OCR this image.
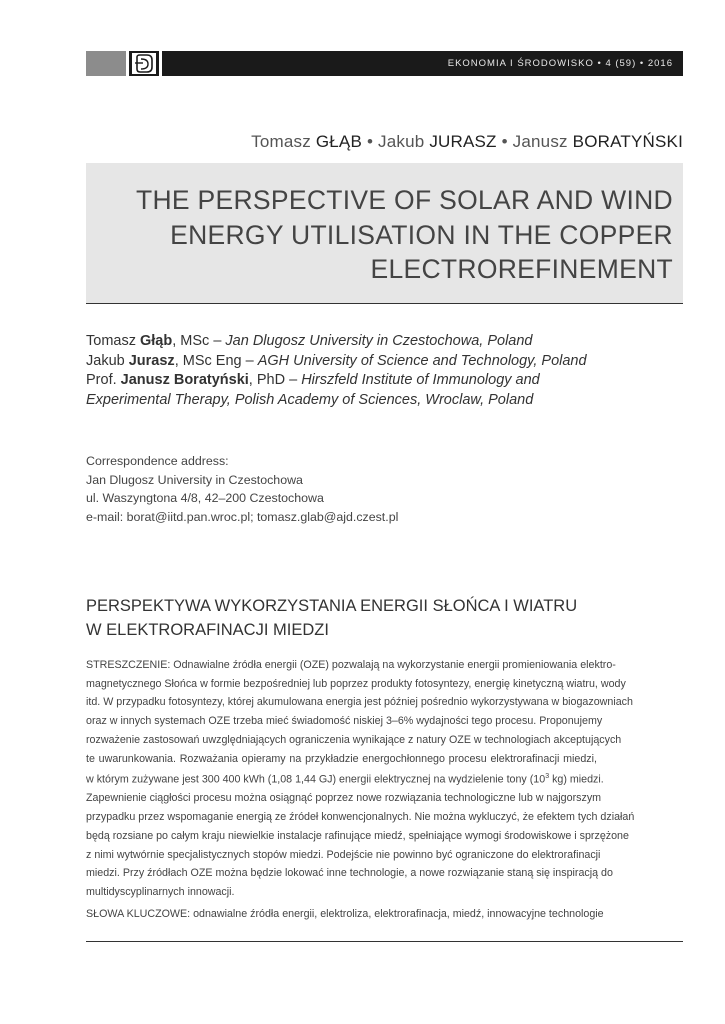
EKONOMIA I ŚRODOWISKO • 4 (59) • 2016
Tomasz GŁĄB • Jakub JURASZ • Janusz BORATYŃSKI
THE PERSPECTIVE OF SOLAR AND WIND ENERGY UTILISATION IN THE COPPER ELECTROREFINEMENT
Tomasz Głąb, MSc – Jan Dlugosz University in Czestochowa, Poland
Jakub Jurasz, MSc Eng – AGH University of Science and Technology, Poland
Prof. Janusz Boratyński, PhD – Hirszfeld Institute of Immunology and Experimental Therapy, Polish Academy of Sciences, Wroclaw, Poland
Correspondence address:
Jan Dlugosz University in Czestochowa
ul. Waszyngtona 4/8, 42–200 Czestochowa
e-mail: borat@iitd.pan.wroc.pl; tomasz.glab@ajd.czest.pl
PERSPEKTYWA WYKORZYSTANIA ENERGII SŁOŃCA I WIATRU
W ELEKTRORAFINACJI MIEDZI
STRESZCZENIE: Odnawialne źródła energii (OZE) pozwalają na wykorzystanie energii promieniowania elektro-
magnetycznego Słońca w formie bezpośredniej lub poprzez produkty fotosyntezy, energię kinetyczną wiatru, wody
itd. W przypadku fotosyntezy, której akumulowana energia jest później pośrednio wykorzystywana w biogazowniach
oraz w innych systemach OZE trzeba mieć świadomość niskiej 3–6% wydajności tego procesu. Proponujemy
rozważenie zastosowań uwzględniających ograniczenia wynikające z natury OZE w technologiach akceptujących
te uwarunkowania. Rozważania opieramy na przykładzie energochłonnego procesu elektrorafinacji miedzi,
w którym zużywane jest 300 400 kWh (1,08 1,44 GJ) energii elektrycznej na wydzielenie tony ($10^3$ kg) miedzi.
Zapewnienie ciągłości procesu można osiągnąć poprzez nowe rozwiązania technologiczne lub w najgorszym
przypadku przez wspomaganie energią ze źródeł konwencjonalnych. Nie można wykluczyć, że efektem tych działań
będą rozsiane po całym kraju niewielkie instalacje rafinujące miedź, spełniające wymogi środowiskowe i sprzężone
z nimi wytwórnie specjalistycznych stopów miedzi. Podejście nie powinno być ograniczone do elektrorafinacji
miedzi. Przy źródłach OZE można będzie lokować inne technologie, a nowe rozwiązanie staną się inspiracją do
multidyscyplinarnych innowacji.
SŁOWA KLUCZOWE: odnawialne źródła energii, elektroliza, elektrorafinacja, miedź, innowacyjne technologie
